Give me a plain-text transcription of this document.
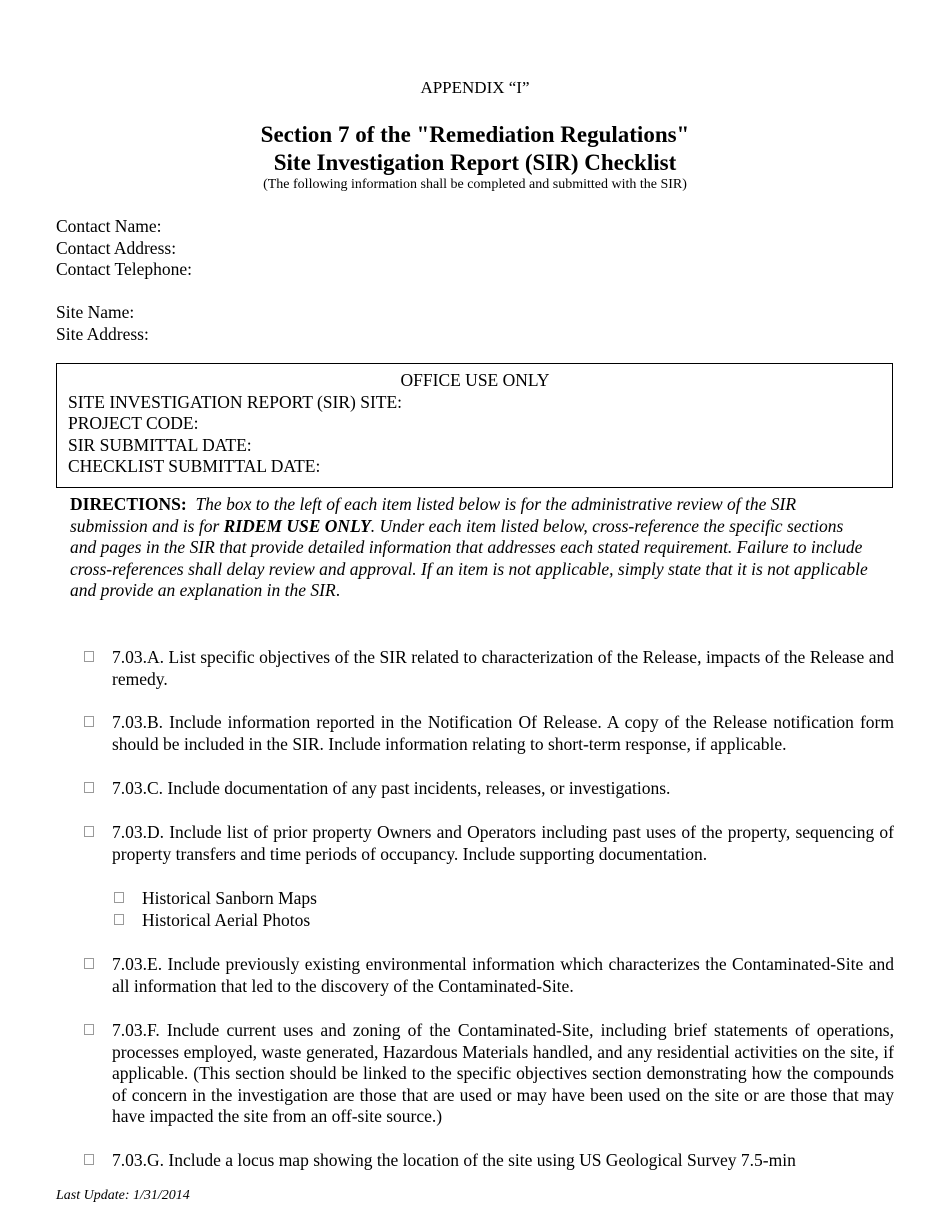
APPENDIX “I”
Section 7 of the "Remediation Regulations"
Site Investigation Report (SIR) Checklist
(The following information shall be completed and submitted with the SIR)
Contact Name:
Contact Address:
Contact Telephone:
Site Name:
Site Address:
OFFICE USE ONLY
SITE INVESTIGATION REPORT (SIR) SITE:
PROJECT CODE:
SIR SUBMITTAL DATE:
CHECKLIST SUBMITTAL DATE:
DIRECTIONS: The box to the left of each item listed below is for the administrative review of the SIR submission and is for RIDEM USE ONLY. Under each item listed below, cross-reference the specific sections and pages in the SIR that provide detailed information that addresses each stated requirement. Failure to include cross-references shall delay review and approval. If an item is not applicable, simply state that it is not applicable and provide an explanation in the SIR.
7.03.A. List specific objectives of the SIR related to characterization of the Release, impacts of the Release and remedy.
7.03.B. Include information reported in the Notification Of Release. A copy of the Release notification form should be included in the SIR. Include information relating to short-term response, if applicable.
7.03.C. Include documentation of any past incidents, releases, or investigations.
7.03.D. Include list of prior property Owners and Operators including past uses of the property, sequencing of property transfers and time periods of occupancy. Include supporting documentation.
Historical Sanborn Maps
Historical Aerial Photos
7.03.E. Include previously existing environmental information which characterizes the Contaminated-Site and all information that led to the discovery of the Contaminated-Site.
7.03.F. Include current uses and zoning of the Contaminated-Site, including brief statements of operations, processes employed, waste generated, Hazardous Materials handled, and any residential activities on the site, if applicable. (This section should be linked to the specific objectives section demonstrating how the compounds of concern in the investigation are those that are used or may have been used on the site or are those that may have impacted the site from an off-site source.)
7.03.G. Include a locus map showing the location of the site using US Geological Survey 7.5-min
Last Update: 1/31/2014
